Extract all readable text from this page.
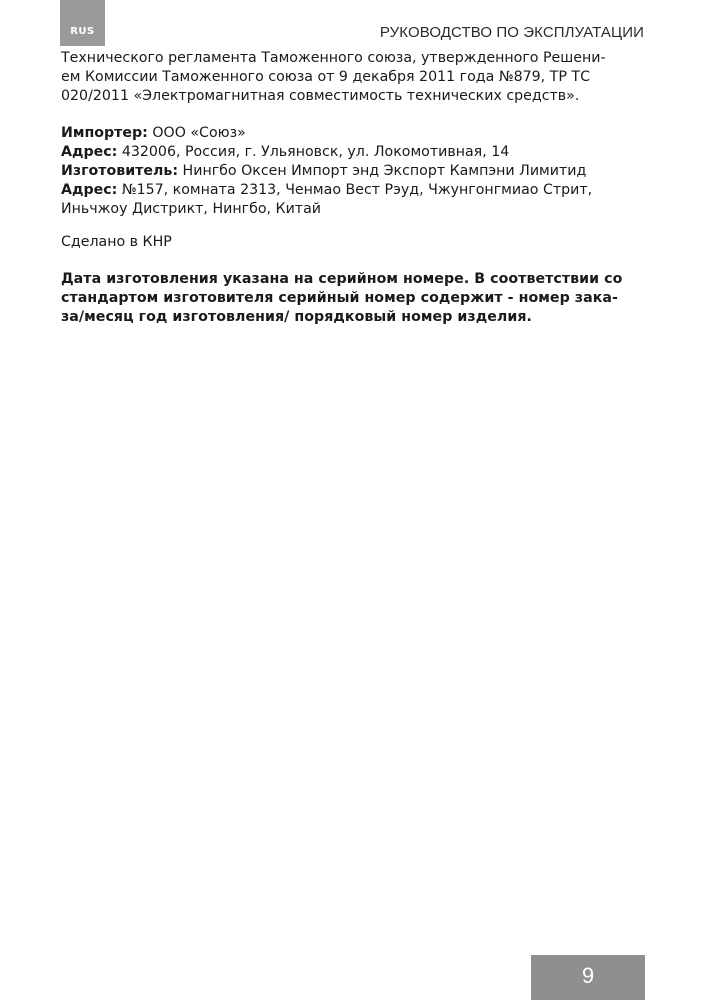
RUS	РУКОВОДСТВО ПО ЭКСПЛУАТАЦИИ
Технического регламента Таможенного союза, утвержденного Решени-
ем Комиссии Таможенного союза от 9 декабря 2011 года №879, ТР ТС
020/2011 «Электромагнитная совместимость технических средств».
Импортер: ООО «Союз»
Адрес: 432006, Россия, г. Ульяновск, ул. Локомотивная, 14
Изготовитель: Нингбо Оксен Импорт энд Экспорт Кампэни Лимитид
Адрес: №157, комната 2313, Ченмао Вест Рэуд, Чжунгонгмиао Стрит,
Иньчжоу Дистрикт, Нингбо, Китай
Сделано в КНР
Дата изготовления указана на серийном номере. В соответствии со
стандартом изготовителя серийный номер содержит - номер зака-
за/месяц год изготовления/ порядковый номер изделия.
9
